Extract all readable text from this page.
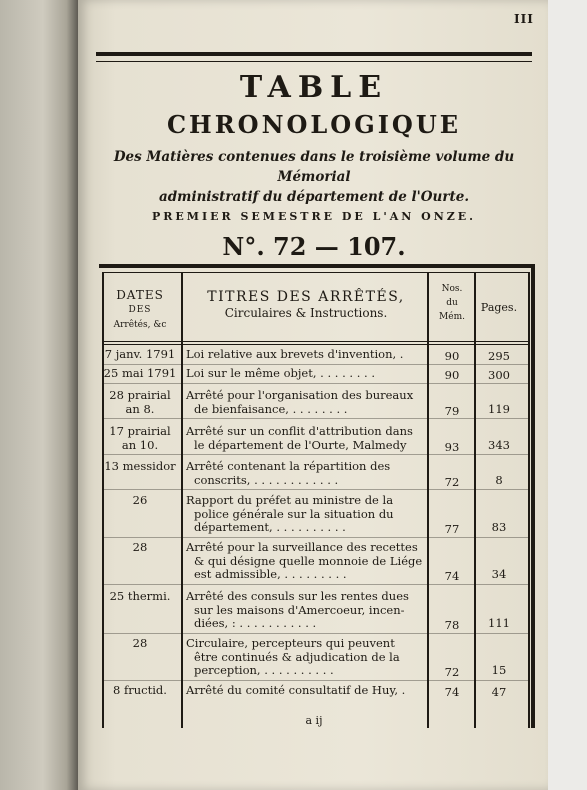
III
TABLE
CHRONOLOGIQUE
Des Matières contenues dans le troisième volume du Mémorial
administratif du département de l'Ourte.
PREMIER SEMESTRE DE L'AN ONZE.
N°. 72 — 107.
DATES
DES
Arrêtés, &c
TITRES DES ARRÊTÉS,
Circulaires & Instructions.
Nos.
du
Mém.
Pages.
7 janv. 1791 Loi relative aux brevets d'invention, .	90	295
25 mai 1791 Loi sur le même objet, . . . . . . . .	90	300
28 prairial
an 8.
Arrêté pour l'organisation des bureaux
de bienfaisance, . . . . . . . .	79	119
17 prairial
an 10.
Arrêté sur un conflit d'attribution dans
le département de l'Ourte, Malmedy	93	343
13 messidor Arrêté contenant la répartition des
conscrits, . . . . . . . . . . . .	72	8
26	Rapport du préfet au ministre de la
police générale sur la situation du
département, . . . . . . . . . .	77	83
28	Arrêté pour la surveillance des recettes
& qui désigne quelle monnoie de Liége
est admissible, . . . . . . . . .	74	34
25 thermi.	Arrêté des consuls sur les rentes dues
sur les maisons d'Amercoeur, incen-
diées, : . . . . . . . . . . .	78	111
28	Circulaire, percepteurs qui peuvent
être continués & adjudication de la
perception, . . . . . . . . . .	72	15
8 fructid.	Arrêté du comité consultatif de Huy, .	74	47
a ij
